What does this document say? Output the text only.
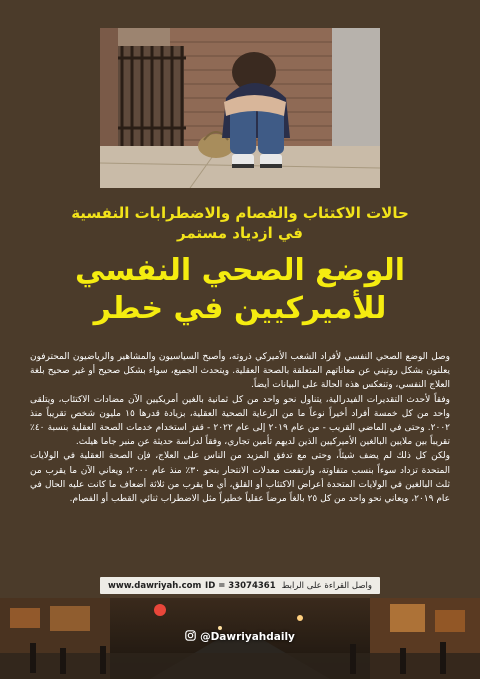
حالات الاكتئاب والفصام والاضطرابات النفسية
في ازدياد مستمر
الوضع الصحي النفسي
للأميركيين في خطر

وصل الوضع الصحي النفسي لأفراد الشعب الأميركي ذروته، وأصبح السياسيون والمشاهير والرياضيون المحترفون يعلنون بشكل روتيني عن معاناتهم المتعلقة بالصحة العقلية. ويتحدث الجميع، سواء بشكل صحيح أو غير صحيح بلغة العلاج النفسي، وتنعكس هذه الحالة على البيانات أيضاً.

وفقاً لأحدث التقديرات الفيدرالية، يتناول نحو واحد من كل ثمانية بالغين أمريكيين الآن مضادات الاكتئاب، ويتلقى واحد من كل خمسة أفراد أخيراً نوعاً ما من الرعاية الصحية العقلية، بزيادة قدرها ١٥ مليون شخص تقريباً منذ ٢٠٠٢. وحتى في الماضي القريب - من عام ٢٠١٩ إلى عام ٢٠٢٢ - قفز استخدام خدمات الصحة العقلية بنسبة ٤٠٪ تقريباً بين ملايين البالغين الأميركيين الذين لديهم تأمين تجاري، وفقاً لدراسة حديثة عن منبر جاما هيلث.

ولكن كل ذلك لم يضف شيئاً، وحتى مع تدفق المزيد من الناس على العلاج، فإن الصحة العقلية في الولايات المتحدة تزداد سوءاً بنسب متفاوتة، وارتفعت معدلات الانتحار بنحو ٣٠٪ منذ عام ٢٠٠٠، ويعاني الآن ما يقرب من ثلث البالغين في الولايات المتحدة أعراض الاكتئاب أو القلق، أي ما يقرب من ثلاثة أضعاف ما كانت عليه الحال في عام ٢٠١٩، ويعاني نحو واحد من كل ٢٥ بالغاً مرضاً عقلياً خطيراً مثل الاضطراب ثنائي القطب أو الفصام.

www.dawriyah.com	واصل القراءة على الرابط
ID = 33074361
@Dawriyahdaily
